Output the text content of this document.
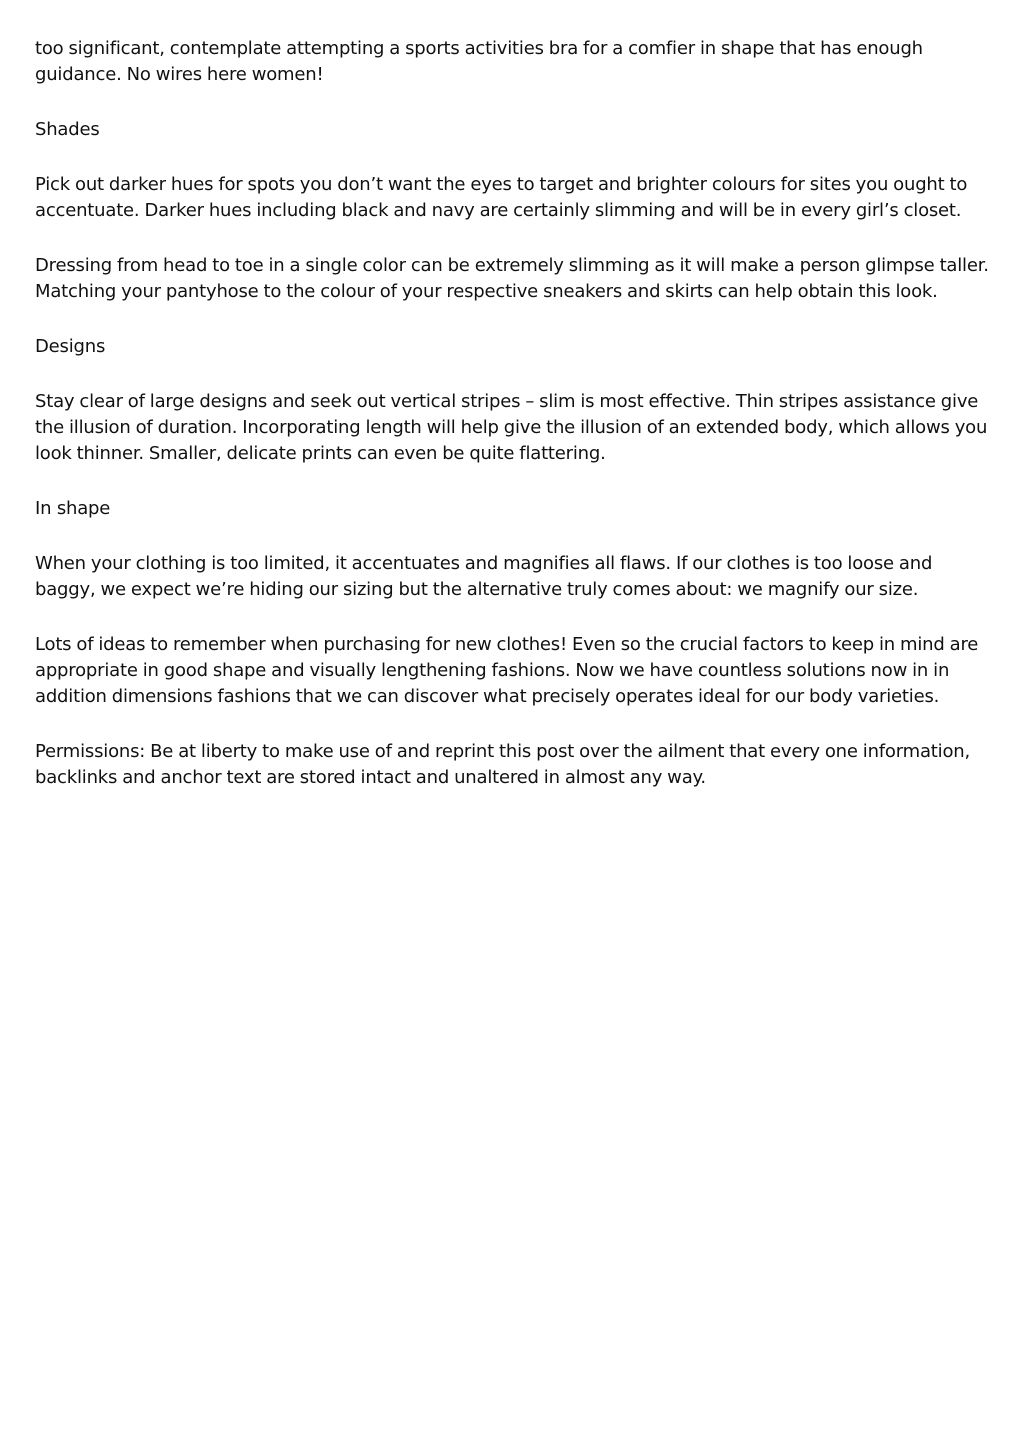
too significant, contemplate attempting a sports activities bra for a comfier in shape that has enough guidance. No wires here women!

Shades

Pick out darker hues for spots you don’t want the eyes to target and brighter colours for sites you ought to accentuate. Darker hues including black and navy are certainly slimming and will be in every girl’s closet.

Dressing from head to toe in a single color can be extremely slimming as it will make a person glimpse taller. Matching your pantyhose to the colour of your respective sneakers and skirts can help obtain this look.

Designs

Stay clear of large designs and seek out vertical stripes – slim is most effective. Thin stripes assistance give the illusion of duration. Incorporating length will help give the illusion of an extended body, which allows you look thinner. Smaller, delicate prints can even be quite flattering.

In shape

When your clothing is too limited, it accentuates and magnifies all flaws. If our clothes is too loose and baggy, we expect we’re hiding our sizing but the alternative truly comes about: we magnify our size.

Lots of ideas to remember when purchasing for new clothes! Even so the crucial factors to keep in mind are appropriate in good shape and visually lengthening fashions. Now we have countless solutions now in in addition dimensions fashions that we can discover what precisely operates ideal for our body varieties.

Permissions: Be at liberty to make use of and reprint this post over the ailment that every one information, backlinks and anchor text are stored intact and unaltered in almost any way.
